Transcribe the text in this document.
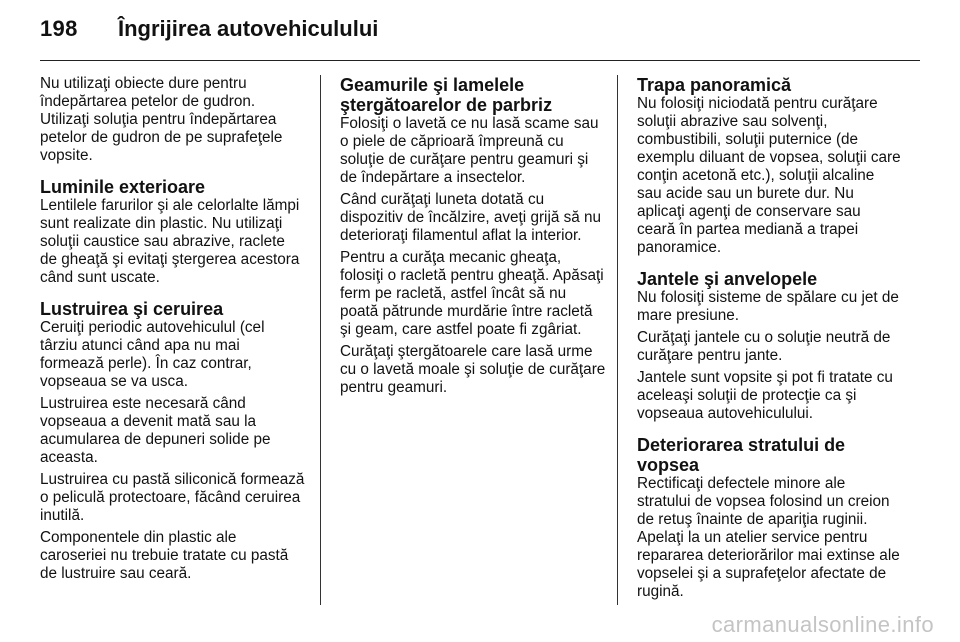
198 Îngrijirea autovehiculului

Nu utilizaţi obiecte dure pentru îndepărtarea petelor de gudron. Utilizaţi soluţia pentru îndepărtarea petelor de gudron de pe suprafeţele vopsite.

Luminile exterioare

Lentilele farurilor şi ale celorlalte lămpi sunt realizate din plastic. Nu utilizaţi soluţii caustice sau abrazive, raclete de gheaţă şi evitaţi ştergerea acestora când sunt uscate.

Lustruirea şi ceruirea

Ceruiţi periodic autovehiculul (cel târziu atunci când apa nu mai formează perle). În caz contrar, vopseaua se va usca.

Lustruirea este necesară când vopseaua a devenit mată sau la acumularea de depuneri solide pe aceasta.

Lustruirea cu pastă siliconică formează o peliculă protectoare, făcând ceruirea inutilă.

Componentele din plastic ale caroseriei nu trebuie tratate cu pastă de lustruire sau ceară.

Geamurile şi lamelele
ştergătoarelor de parbriz

Folosiţi o lavetă ce nu lasă scame sau o piele de căprioară împreună cu soluţie de curăţare pentru geamuri şi de îndepărtare a insectelor.

Când curăţaţi luneta dotată cu dispozitiv de încălzire, aveţi grijă să nu deterioraţi filamentul aflat la interior.

Pentru a curăţa mecanic gheaţa, folosiţi o racletă pentru gheaţă. Apăsaţi ferm pe racletă, astfel încât să nu poată pătrunde murdărie între racletă şi geam, care astfel poate fi zgâriat.

Curăţaţi ştergătoarele care lasă urme cu o lavetă moale şi soluţie de curăţare pentru geamuri.

Trapa panoramică

Nu folosiţi niciodată pentru curăţare soluţii abrazive sau solvenţi, combustibili, soluţii puternice (de exemplu diluant de vopsea, soluţii care conţin acetonă etc.), soluţii alcaline sau acide sau un burete dur. Nu aplicaţi agenţi de conservare sau ceară în partea mediană a trapei panoramice.

Jantele şi anvelopele

Nu folosiţi sisteme de spălare cu jet de mare presiune.

Curăţaţi jantele cu o soluţie neutră de curăţare pentru jante.

Jantele sunt vopsite şi pot fi tratate cu aceleaşi soluţii de protecţie ca şi vopseaua autovehiculului.

Deteriorarea stratului de vopsea

Rectificaţi defectele minore ale stratului de vopsea folosind un creion de retuş înainte de apariţia ruginii. Apelaţi la un atelier service pentru repararea deteriorărilor mai extinse ale vopselei şi a suprafeţelor afectate de rugină.

carmanualsonline.info
